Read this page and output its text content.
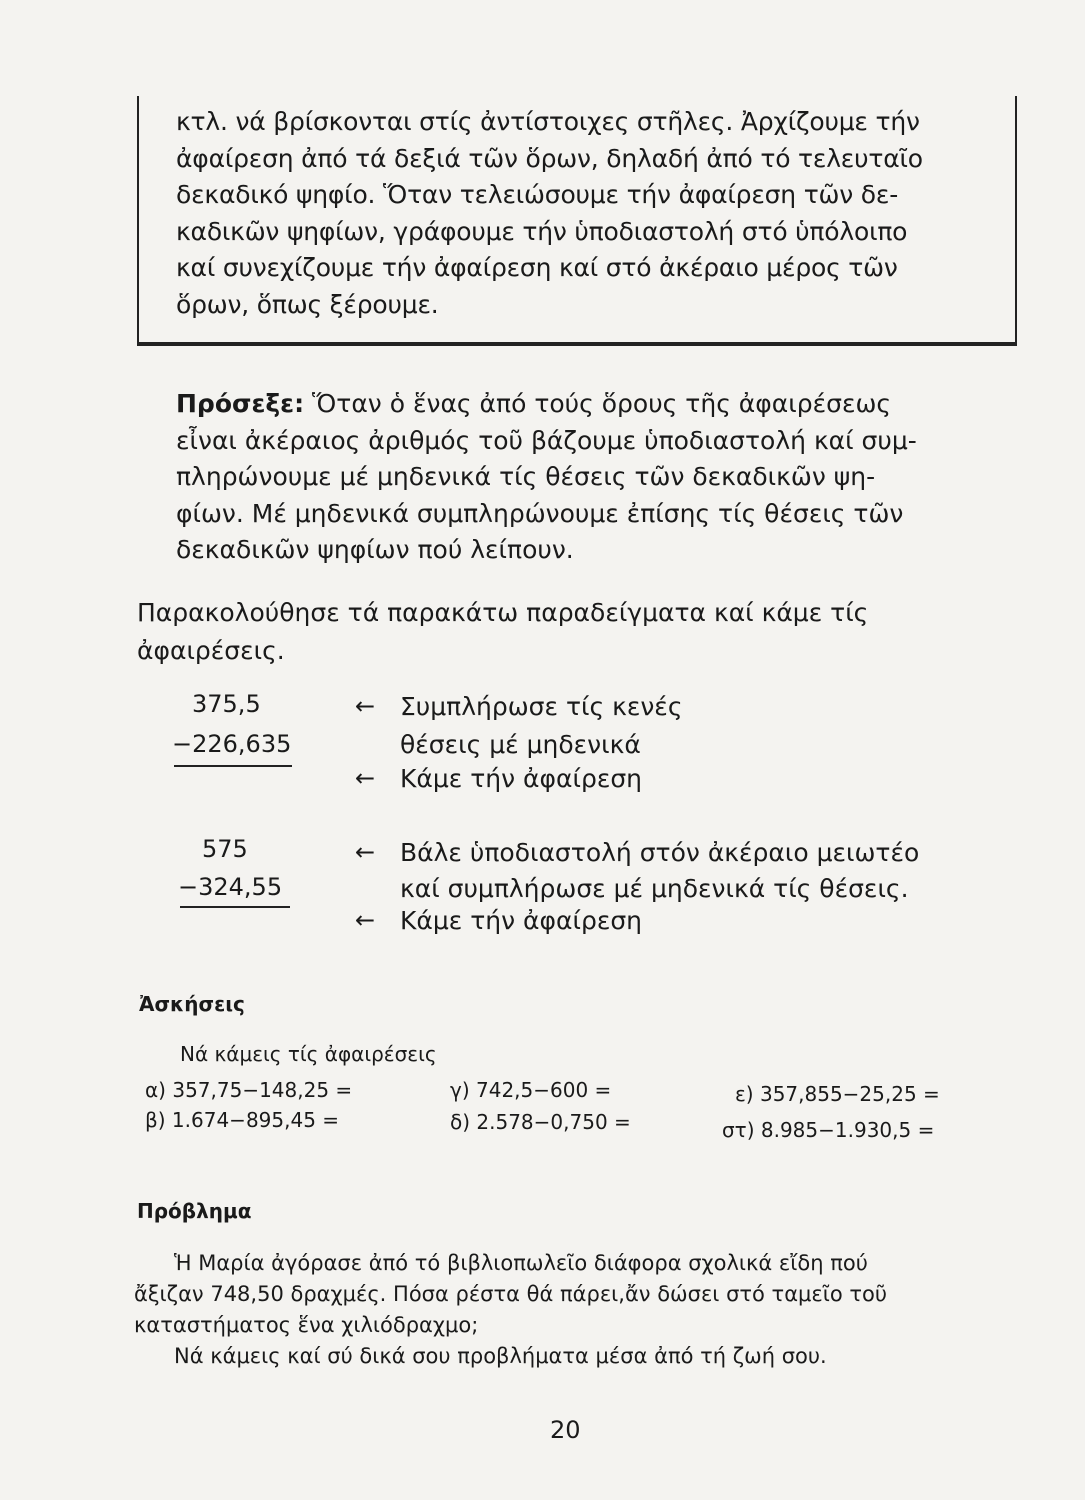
κτλ. νά βρίσκονται στίς ἀντίστοιχες στῆλες. Ἀρχίζουμε τήν
ἀφαίρεση ἀπό τά δεξιά τῶν ὅρων, δηλαδή ἀπό τό τελευταῖο
δεκαδικό ψηφίο. Ὅταν τελειώσουμε τήν ἀφαίρεση τῶν δε-
καδικῶν ψηφίων, γράφουμε τήν ὑποδιαστολή στό ὑπόλοιπο
καί συνεχίζουμε τήν ἀφαίρεση καί στό ἀκέραιο μέρος τῶν
ὅρων, ὅπως ξέρουμε.

Πρόσεξε: Ὅταν ὁ ἕνας ἀπό τούς ὅρους τῆς ἀφαιρέσεως
εἶναι ἀκέραιος ἀριθμός τοῦ βάζουμε ὑποδιαστολή καί συμ-
πληρώνουμε μέ μηδενικά τίς θέσεις τῶν δεκαδικῶν ψη-
φίων. Μέ μηδενικά συμπληρώνουμε ἐπίσης τίς θέσεις τῶν
δεκαδικῶν ψηφίων πού λείπουν.

Παρακολούθησε τά παρακάτω παραδείγματα καί κάμε τίς
ἀφαιρέσεις.

375,5
−226,635
← Συμπλήρωσε τίς κενές
θέσεις μέ μηδενικά
← Κάμε τήν ἀφαίρεση
575
−324,55
← Βάλε ὑποδιαστολή στόν ἀκέραιο μειωτέο
καί συμπλήρωσε μέ μηδενικά τίς θέσεις.
← Κάμε τήν ἀφαίρεση
Ἀσκήσεις
Νά κάμεις τίς ἀφαιρέσεις
α) 357,75−148,25 =	γ) 742,5−600 =	ε) 357,855−25,25 =
β) 1.674−895,45 =	δ) 2.578−0,750 =	στ) 8.985−1.930,5 =
Πρόβλημα

Ἡ Μαρία ἀγόρασε ἀπό τό βιβλιοπωλεῖο διάφορα σχολικά εἴδη πού
ἄξιζαν 748,50 δραχμές. Πόσα ρέστα θά πάρει,ἄν δώσει στό ταμεῖο τοῦ
καταστήματος ἕνα χιλιόδραχμο;
Νά κάμεις καί σύ δικά σου προβλήματα μέσα ἀπό τή ζωή σου.

20
